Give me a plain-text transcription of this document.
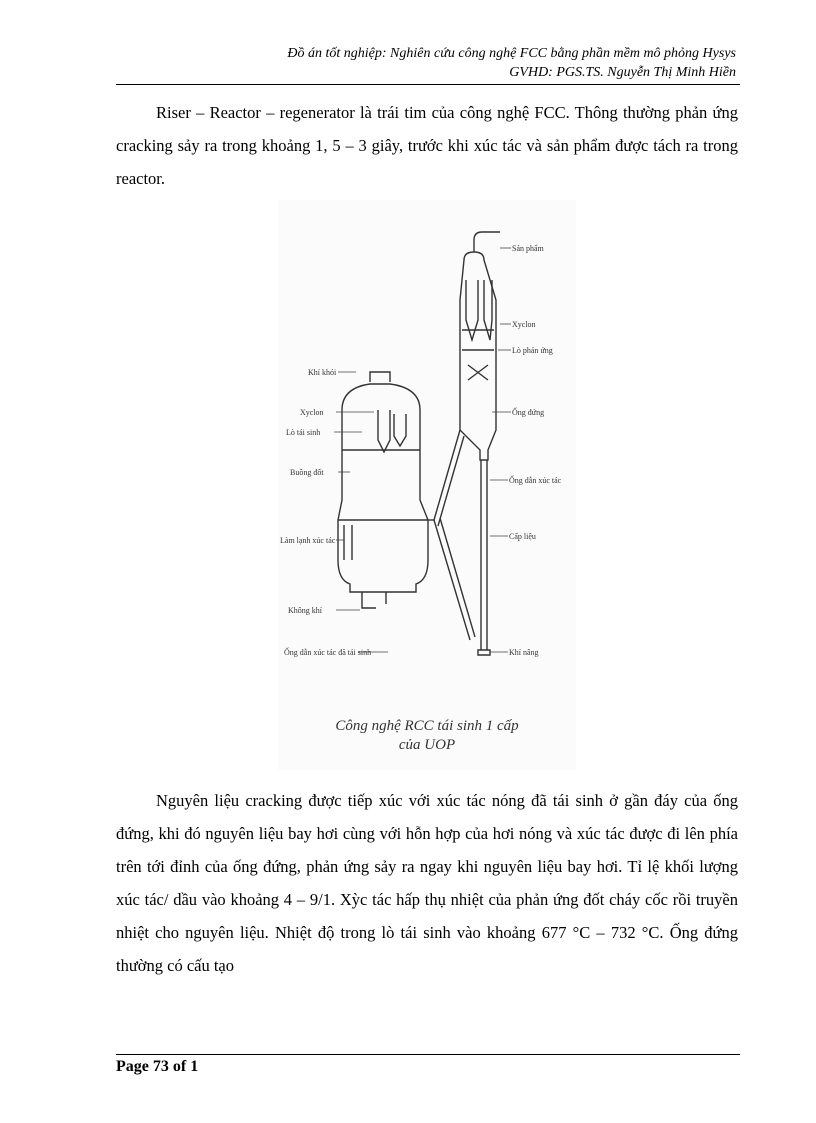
Đồ án tốt nghiệp: Nghiên cứu công nghệ FCC bằng phần mềm mô phỏng Hysys
GVHD: PGS.TS. Nguyễn Thị Minh Hiền

Riser – Reactor – regenerator là trái tim của công nghệ FCC. Thông thường phản ứng cracking sảy ra trong khoảng 1, 5 – 3 giây, trước khi xúc tác và sản phẩm được tách ra trong reactor.

Sản phẩm
Xyclon
Lò phản ứng
Ống đứng
Ống dẫn xúc tác
Cấp liệu
Khí nâng
Khí khói
Xyclon
Lò tái sinh
Buồng đốt
Làm lạnh xúc tác
Không khí
Ống dẫn xúc tác đã tái sinh
Công nghệ RCC tái sinh 1 cấp
của UOP

Nguyên liệu cracking được tiếp xúc với xúc tác nóng đã tái sinh ở gần đáy của ống đứng, khi đó nguyên liệu bay hơi cùng với hỗn hợp của hơi nóng và xúc tác được đi lên phía trên tới đỉnh của ống đứng, phản ứng sảy ra ngay khi nguyên liệu bay hơi. Tỉ lệ khối lượng xúc tác/ dầu vào khoảng 4 – 9/1. Xỳc tác hấp thụ nhiệt của phản ứng đốt cháy cốc rồi truyền nhiệt cho nguyên liệu. Nhiệt độ trong lò tái sinh vào khoảng 677 °C – 732 °C. Ống đứng thường có cấu tạo

Page 73 of 1
